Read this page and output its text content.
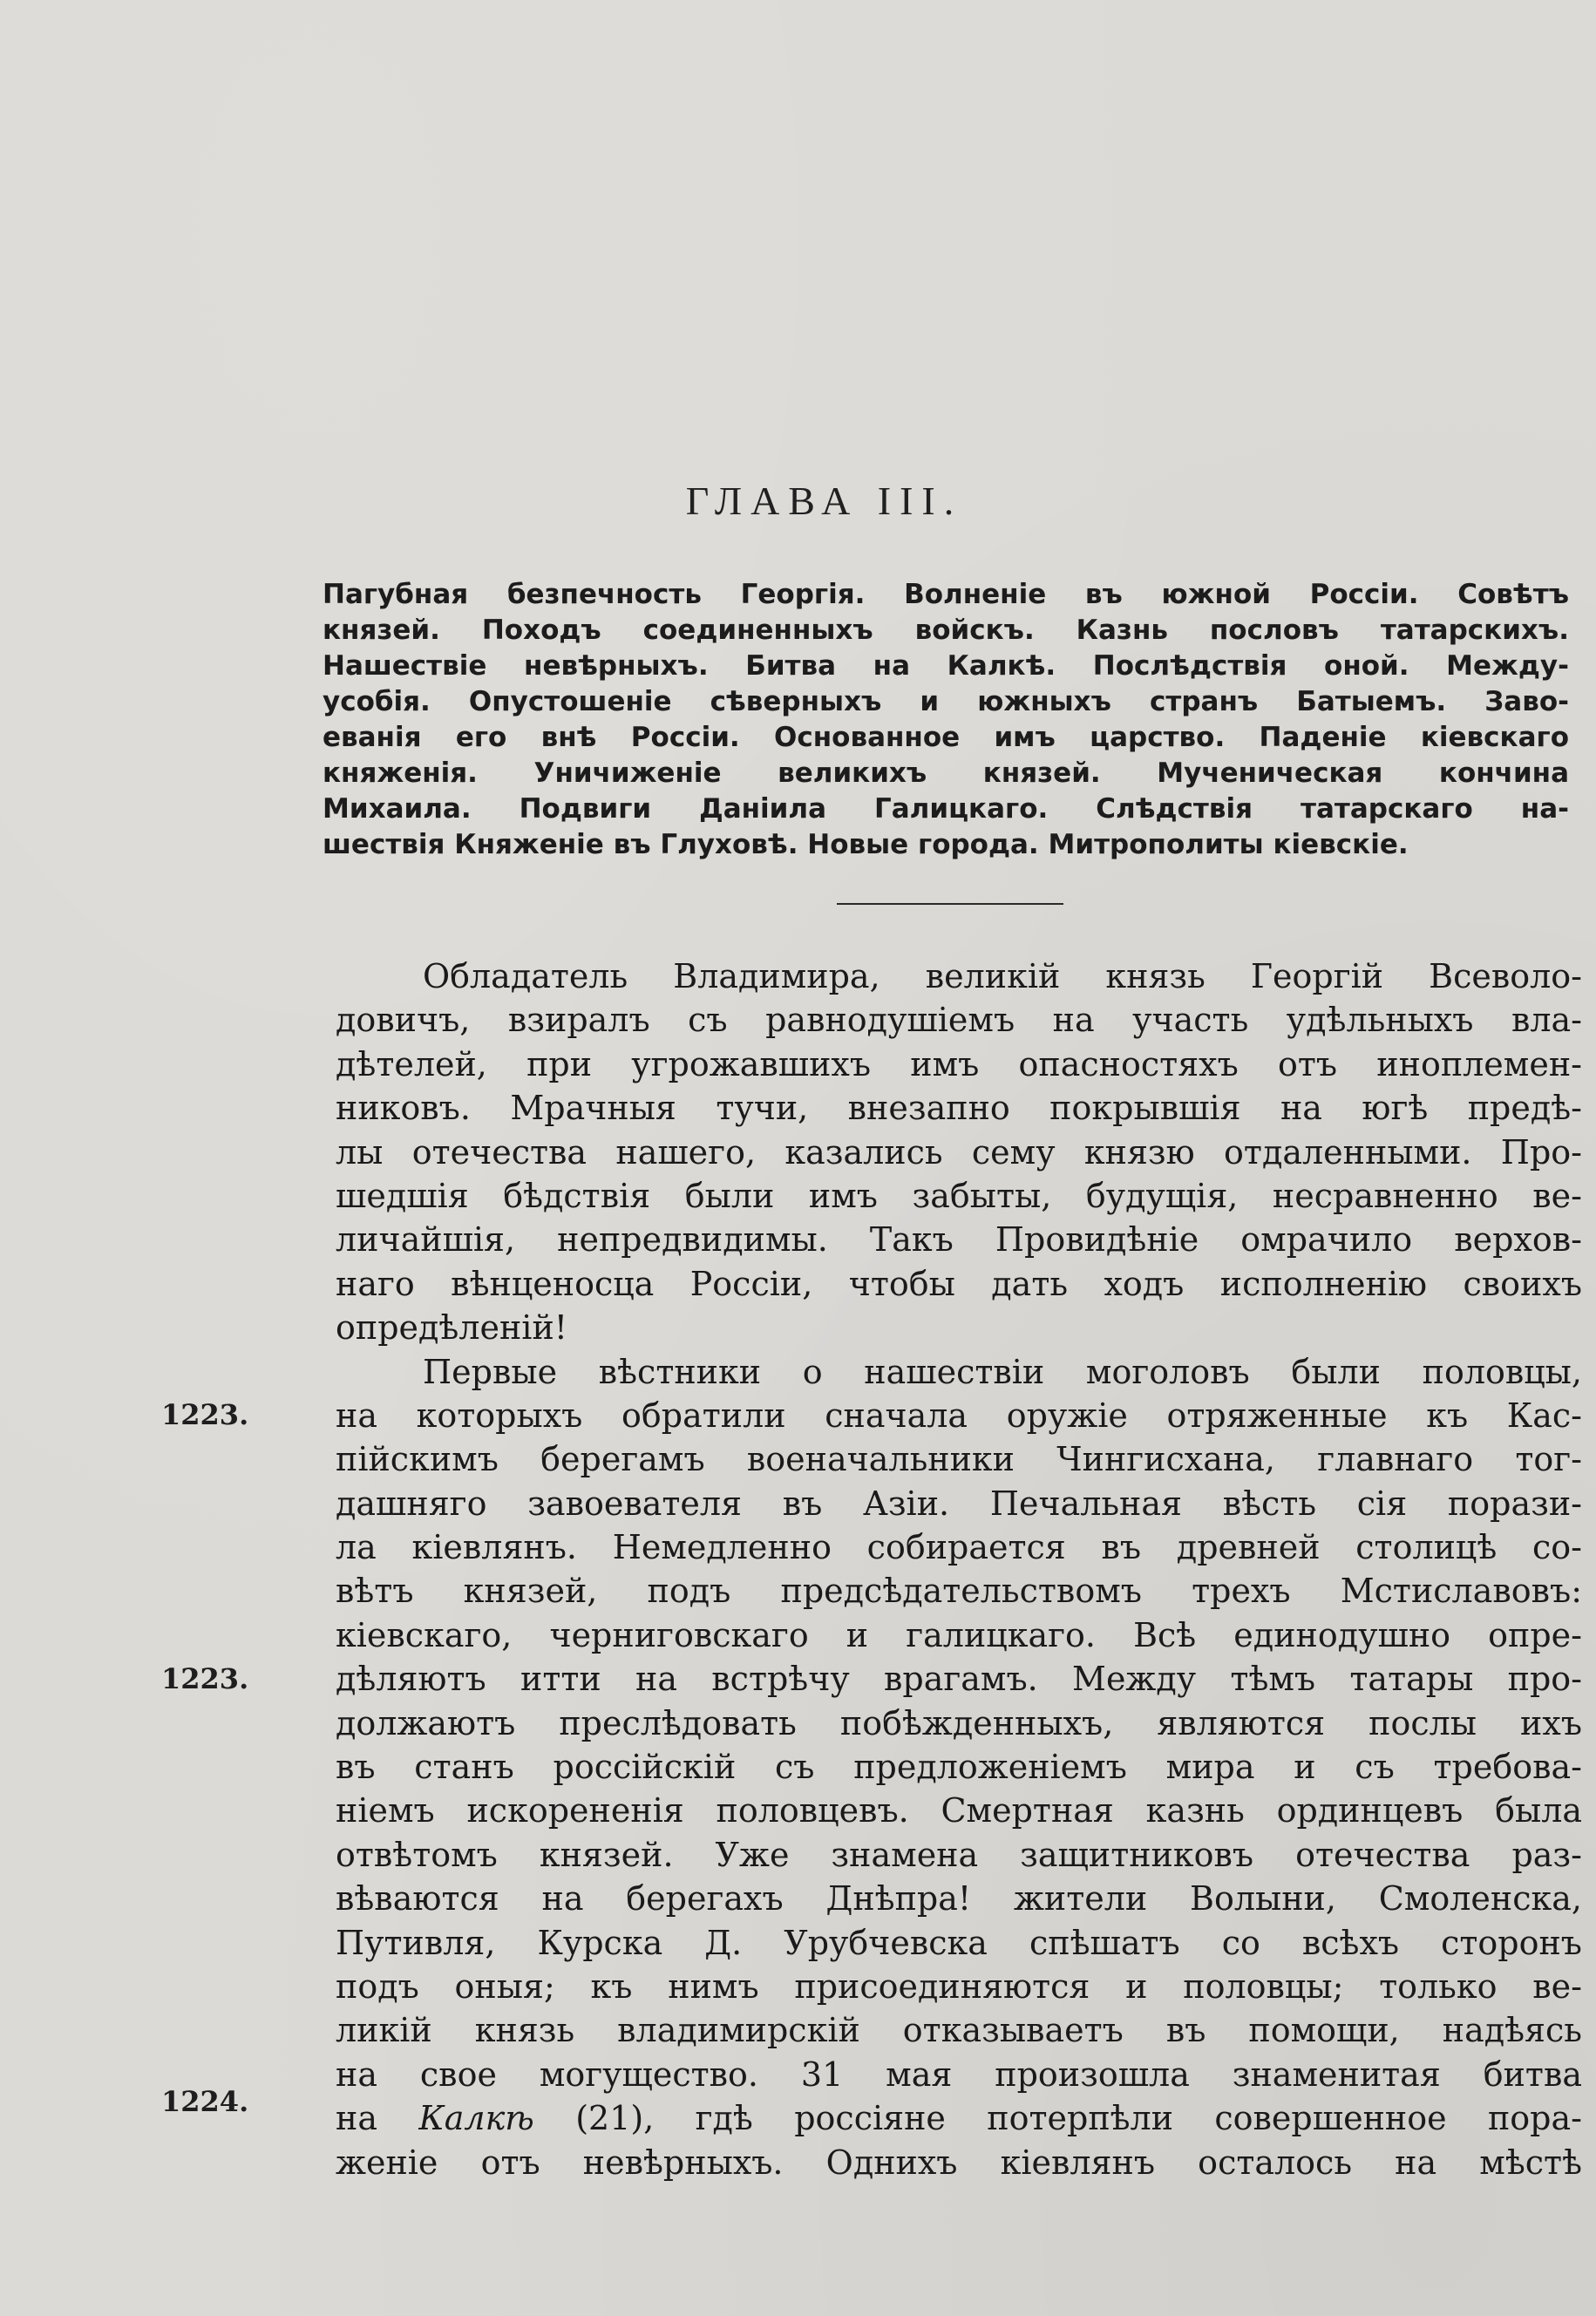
ГЛАВА III.
Пагубная безпечность Георгія. Волненіе въ южной Россіи. Совѣтъ
князей. Походъ соединенныхъ войскъ. Казнь пословъ татарскихъ.
Нашествіе невѣрныхъ. Битва на Калкѣ. Послѣдствія оной. Между-
усобія. Опустошеніе сѣверныхъ и южныхъ странъ Батыемъ. Заво-
еванія его внѣ Россіи. Основанное имъ царство. Паденіе кіевскаго
княженія. Уничиженіе великихъ князей. Мученическая кончина
Михаила. Подвиги Даніила Галицкаго. Слѣдствія татарскаго на-
шествія Княженіе въ Глуховѣ. Новые города. Митрополиты кіевскіе.
Обладатель Владимира, великій князь Георгій Всеволо-
довичъ, взиралъ съ равнодушіемъ на участь удѣльныхъ вла-
дѣтелей, при угрожавшихъ имъ опасностяхъ отъ иноплемен-
никовъ. Мрачныя тучи, внезапно покрывшія на югѣ предѣ-
лы отечества нашего, казались сему князю отдаленными. Про-
шедшія бѣдствія были имъ забыты, будущія, несравненно ве-
личайшія, непредвидимы. Такъ Провидѣніе омрачило верхов-
наго вѣнценосца Россіи, чтобы дать ходъ исполненію своихъ
опредѣленій!
Первые вѣстники о нашествіи моголовъ были половцы,
на которыхъ обратили сначала оружіе отряженные къ Кас-
пійскимъ берегамъ военачальники Чингисхана, главнаго тог-
дашняго завоевателя въ Азіи. Печальная вѣсть сія порази-
ла кіевлянъ. Немедленно собирается въ древней столицѣ со-
вѣтъ князей, подъ предсѣдательствомъ трехъ Мстиславовъ:
кіевскаго, черниговскаго и галицкаго. Всѣ единодушно опре-
дѣляютъ итти на встрѣчу врагамъ. Между тѣмъ татары про-
должаютъ преслѣдовать побѣжденныхъ, являются послы ихъ
въ станъ россійскій съ предложеніемъ мира и съ требова-
ніемъ искорененія половцевъ. Смертная казнь ординцевъ была
отвѣтомъ князей. Уже знамена защитниковъ отечества раз-
вѣваются на берегахъ Днѣпра! жители Волыни, Смоленска,
Путивля, Курска Д. Урубчевска спѣшатъ со всѣхъ сторонъ
подъ оныя; къ нимъ присоединяются и половцы; только ве-
ликій князь владимирскій отказываетъ въ помощи, надѣясь
на свое могущество. 31 мая произошла знаменитая битва
на Калкѣ (21), гдѣ россіяне потерпѣли совершенное пора-
женіе отъ невѣрныхъ. Однихъ кіевлянъ осталось на мѣстѣ
1223.
1223.
1224.
